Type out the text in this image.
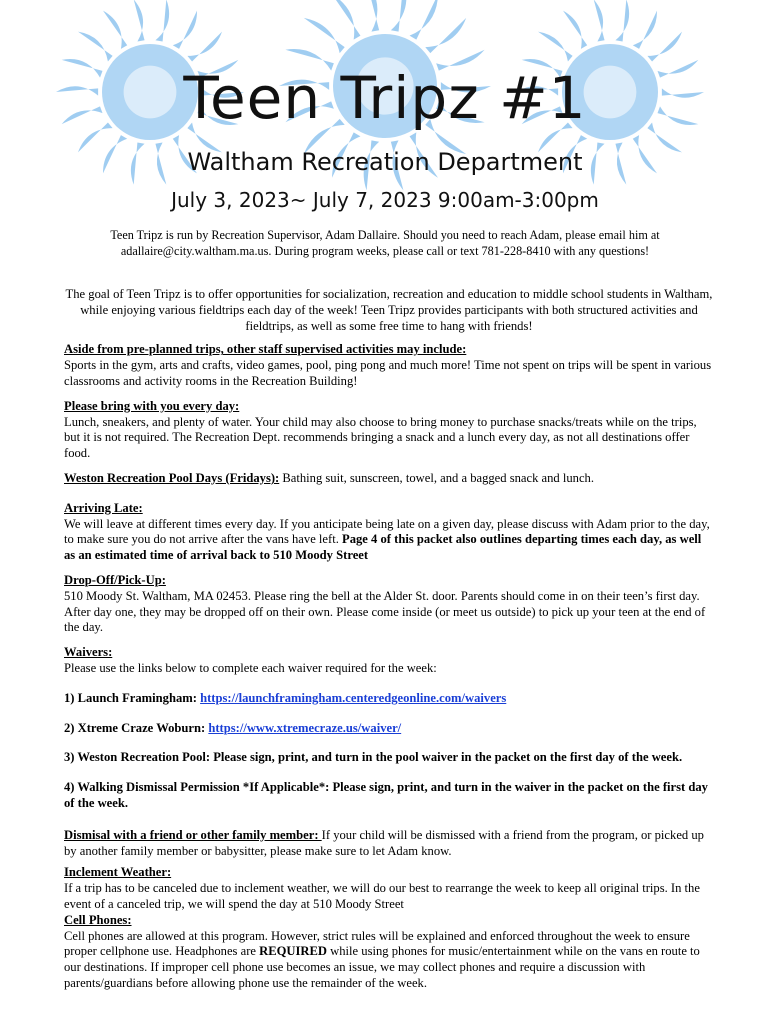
Teen Tripz #1
Waltham Recreation Department
July 3, 2023~ July 7, 2023 9:00am-3:00pm
Teen Tripz is run by Recreation Supervisor, Adam Dallaire. Should you need to reach Adam, please email him at adallaire@city.waltham.ma.us. During program weeks, please call or text 781-228-8410 with any questions!

The goal of Teen Tripz is to offer opportunities for socialization, recreation and education to middle school students in Waltham, while enjoying various fieldtrips each day of the week! Teen Tripz provides participants with both structured activities and fieldtrips, as well as some free time to hang with friends!

Aside from pre-planned trips, other staff supervised activities may include:
Sports in the gym, arts and crafts, video games, pool, ping pong and much more! Time not spent on trips will be spent in various classrooms and activity rooms in the Recreation Building!
Please bring with you every day:
Lunch, sneakers, and plenty of water. Your child may also choose to bring money to purchase snacks/treats while on the trips, but it is not required. The Recreation Dept. recommends bringing a snack and a lunch every day, as not all destinations offer food.
Weston Recreation Pool Days (Fridays): Bathing suit, sunscreen, towel, and a bagged snack and lunch.
Arriving Late:
We will leave at different times every day. If you anticipate being late on a given day, please discuss with Adam prior to the day, to make sure you do not arrive after the vans have left. Page 4 of this packet also outlines departing times each day, as well as an estimated time of arrival back to 510 Moody Street
Drop-Off/Pick-Up:
510 Moody St. Waltham, MA 02453. Please ring the bell at the Alder St. door. Parents should come in on their teen’s first day. After day one, they may be dropped off on their own. Please come inside (or meet us outside) to pick up your teen at the end of the day.
Waivers:
Please use the links below to complete each waiver required for the week:
1) Launch Framingham: https://launchframingham.centeredgeonline.com/waivers
2) Xtreme Craze Woburn: https://www.xtremecraze.us/waiver/
3) Weston Recreation Pool: Please sign, print, and turn in the pool waiver in the packet on the first day of the week.
4) Walking Dismissal Permission *If Applicable*: Please sign, print, and turn in the waiver in the packet on the first day of the week.
Dismisal with a friend or other family member: If your child will be dismissed with a friend from the program, or picked up by another family member or babysitter, please make sure to let Adam know.
Inclement Weather:
If a trip has to be canceled due to inclement weather, we will do our best to rearrange the week to keep all original trips. In the event of a canceled trip, we will spend the day at 510 Moody Street
Cell Phones:
Cell phones are allowed at this program. However, strict rules will be explained and enforced throughout the week to ensure proper cellphone use. Headphones are REQUIRED while using phones for music/entertainment while on the vans en route to our destinations. If improper cell phone use becomes an issue, we may collect phones and require a discussion with parents/guardians before allowing phone use the remainder of the week.
